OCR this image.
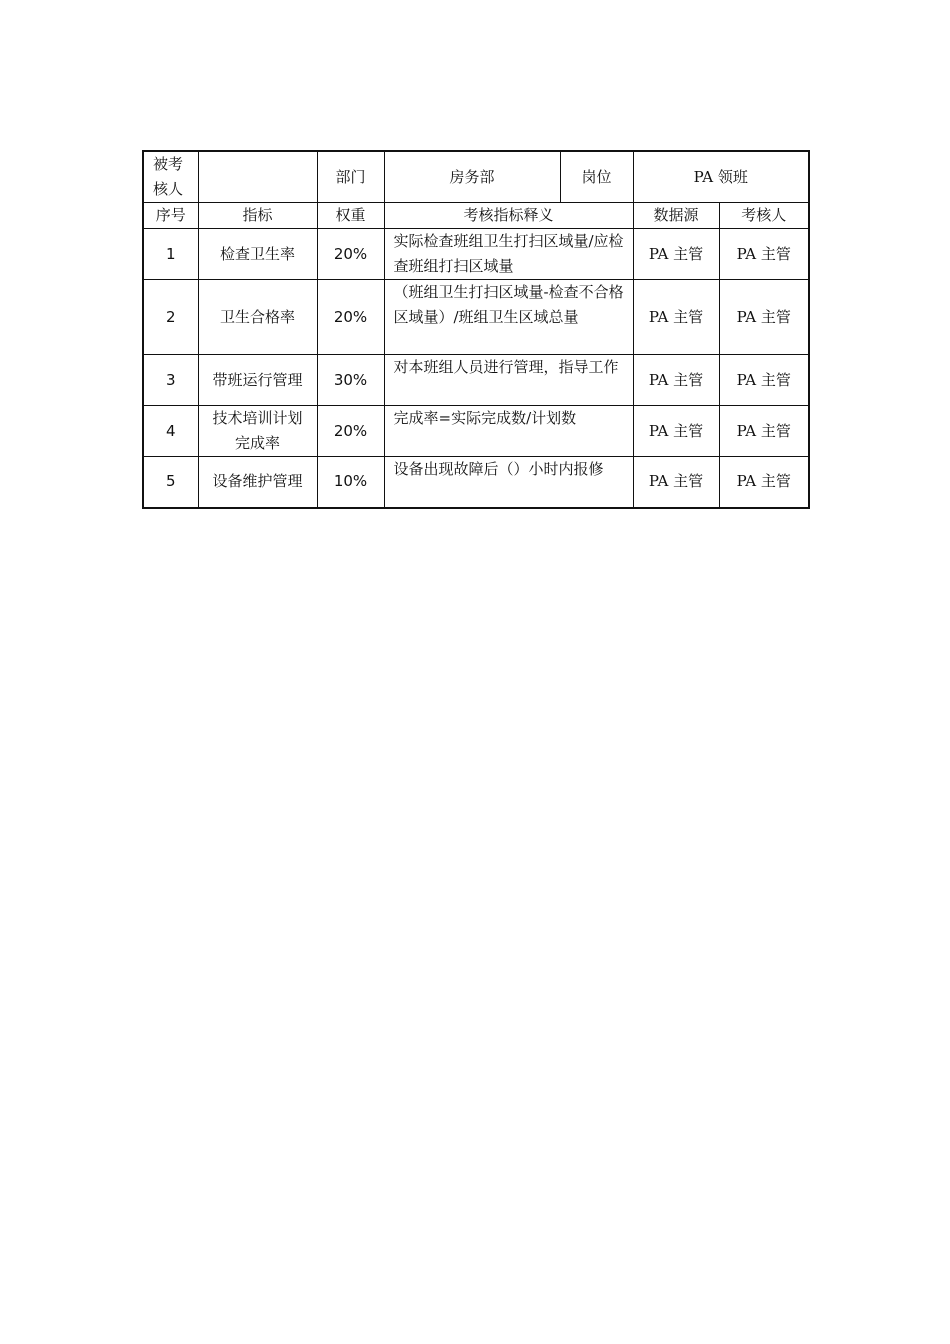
被考核人		部门	房务部	岗位	PA 领班	
序号	指标	权重	考核指标释义		数据源	考核人
1	检查卫生率	20%	实际检查班组卫生打扫区域量/应检查班组打扫区域量		PA 主管	PA 主管
2	卫生合格率	20%	（班组卫生打扫区域量-检查不合格区域量）/班组卫生区域总量		PA 主管	PA 主管
3	带班运行管理	30%	对本班组人员进行管理，指导工作		PA 主管	PA 主管
4	技术培训计划完成率	20%	完成率=实际完成数/计划数		PA 主管	PA 主管
5	设备维护管理	10%	设备出现故障后（）小时内报修		PA 主管	PA 主管
